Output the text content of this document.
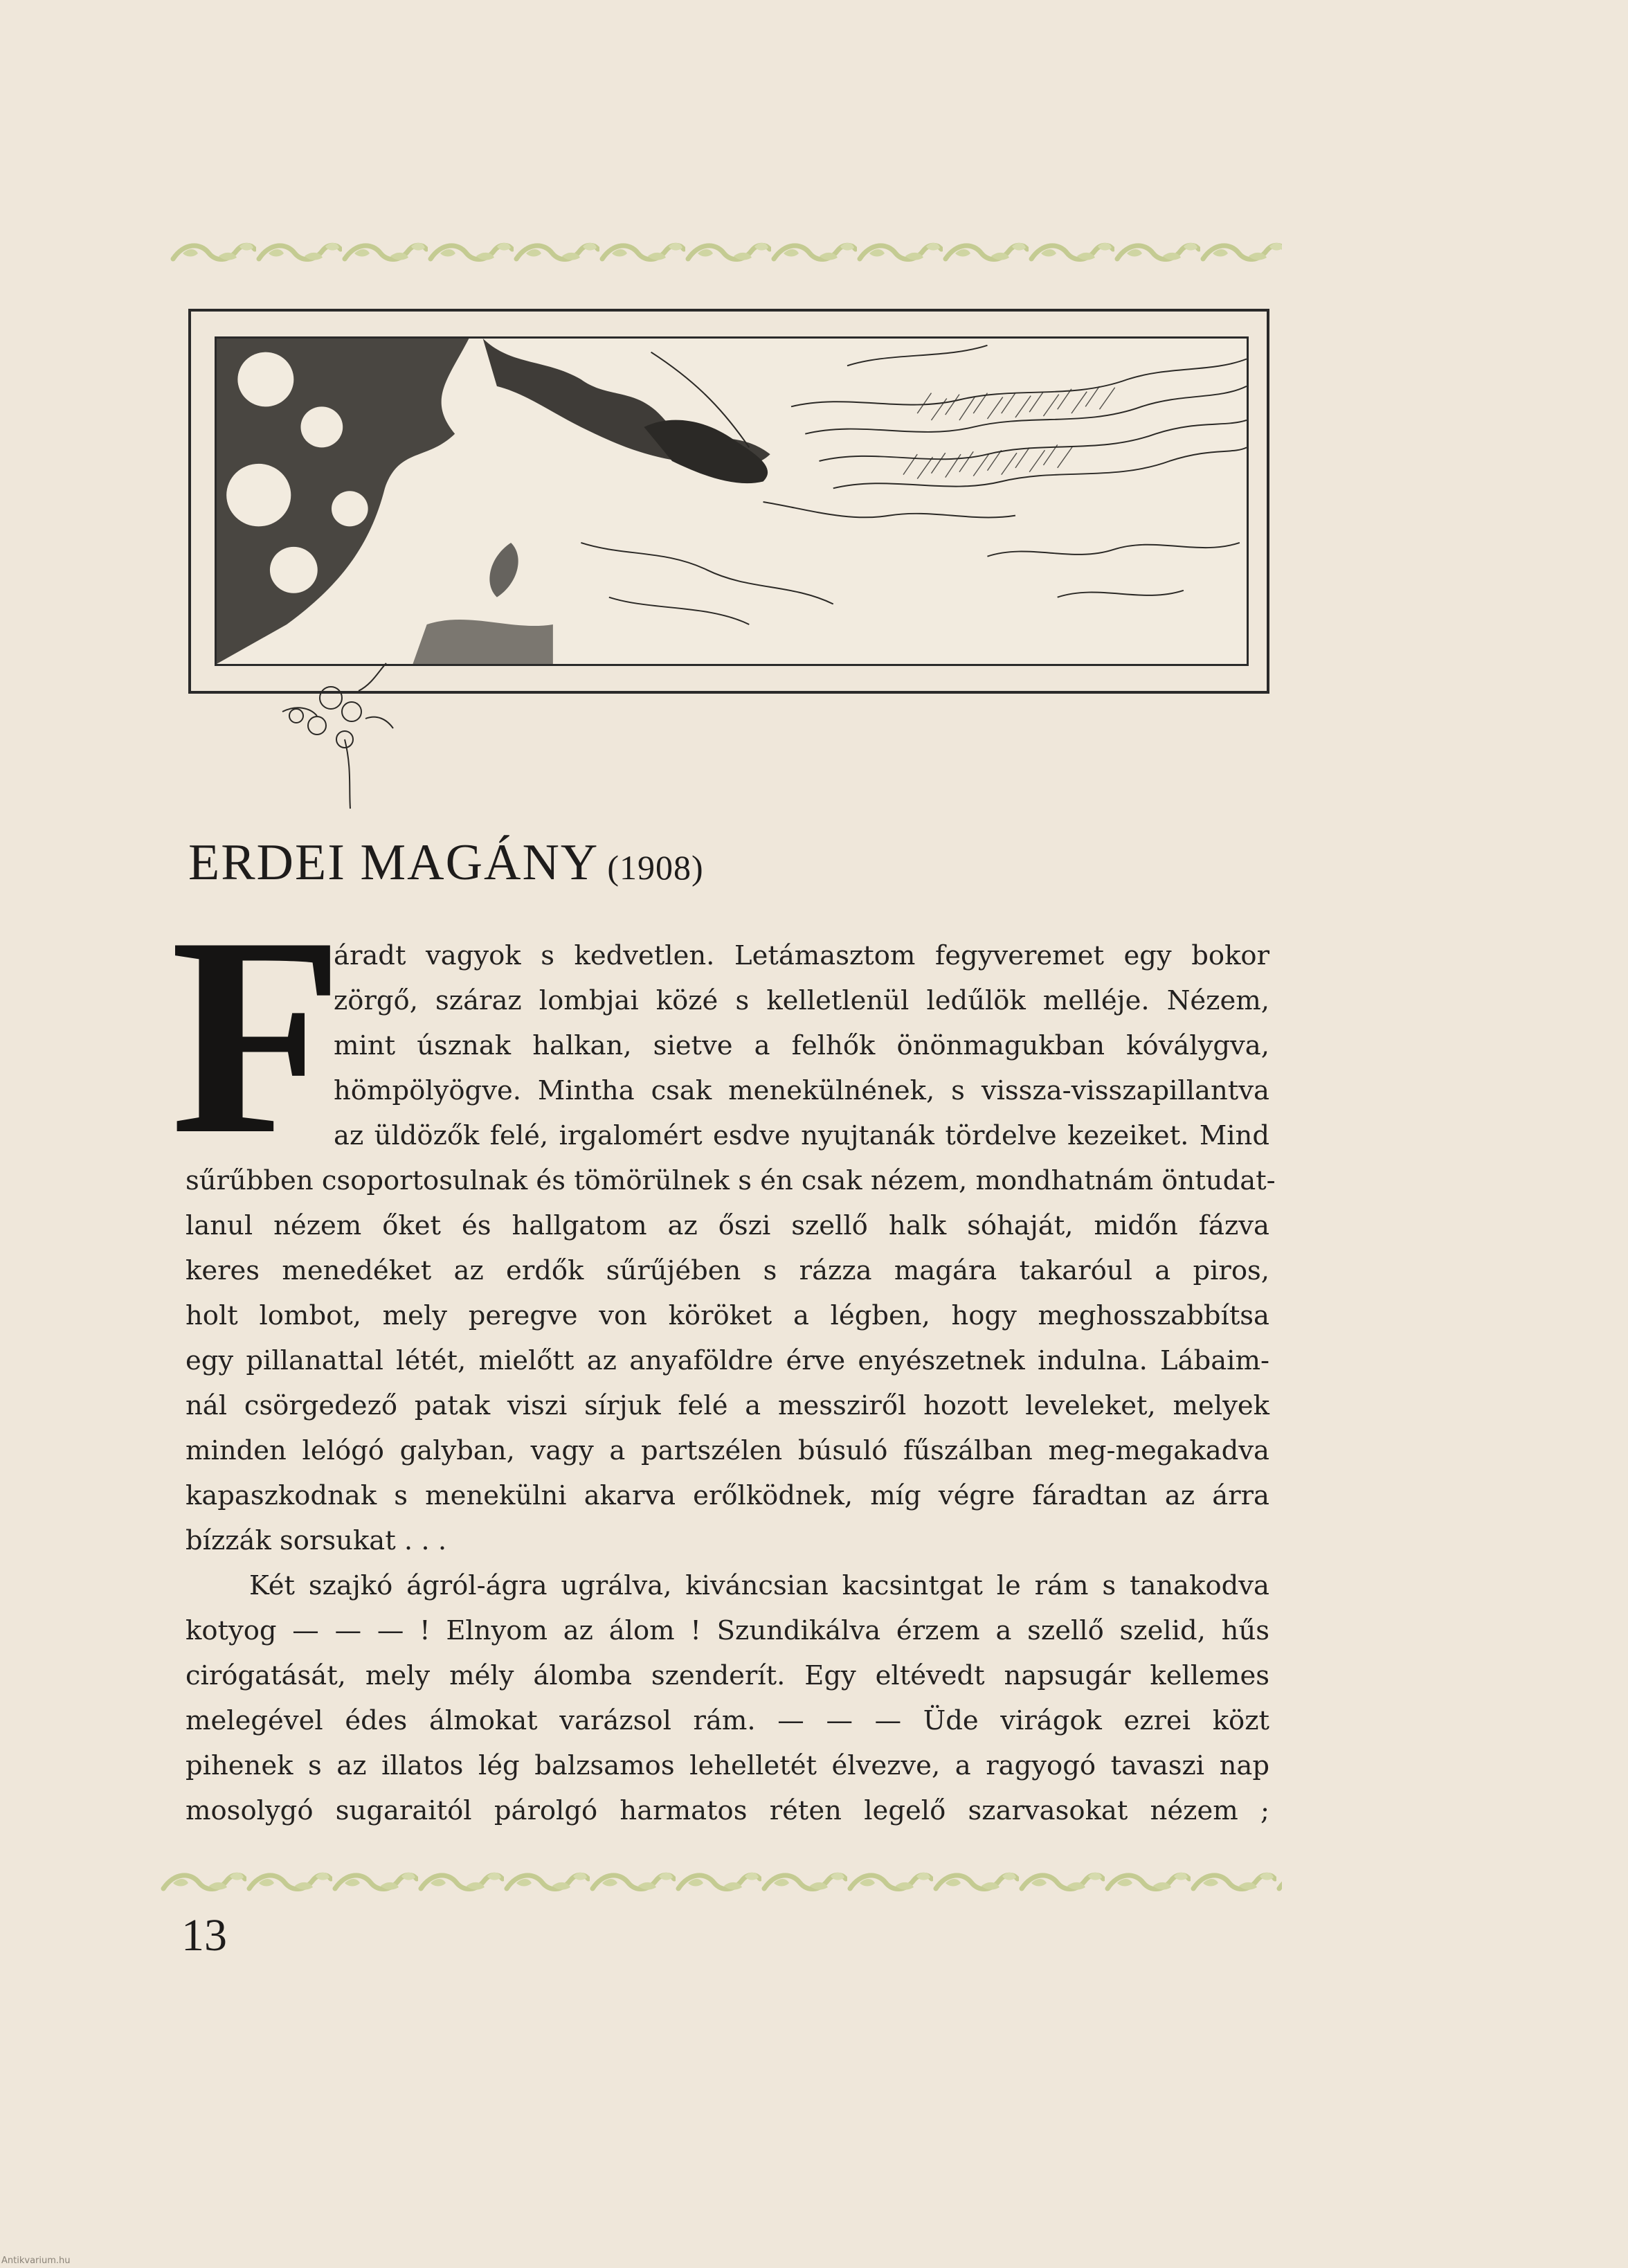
ERDEI MAGÁNY (1908)
F
áradt vagyok s kedvetlen. Letámasztom fegyveremet egy bokor
zörgő, száraz lombjai közé s kelletlenül ledűlök melléje. Nézem,
mint úsznak halkan, sietve a felhők önönmagukban kóválygva,
hömpölyögve. Mintha csak menekülnének, s vissza-visszapillantva
az üldözők felé, irgalomért esdve nyujtanák tördelve kezeiket. Mind
sűrűbben csoportosulnak és tömörülnek s én csak nézem, mondhatnám öntudat-
lanul nézem őket és hallgatom az őszi szellő halk sóhaját, midőn fázva
keres menedéket az erdők sűrűjében s rázza magára takaróul a piros,
holt lombot, mely peregve von köröket a légben, hogy meghosszabbítsa
egy pillanattal létét, mielőtt az anyaföldre érve enyészetnek indulna. Lábaim-
nál csörgedező patak viszi sírjuk felé a messziről hozott leveleket, melyek
minden lelógó galyban, vagy a partszélen búsuló fűszálban meg-megakadva
kapaszkodnak s menekülni akarva erőlködnek, míg végre fáradtan az árra
bízzák sorsukat . . .
Két szajkó ágról-ágra ugrálva, kiváncsian kacsintgat le rám s tanakodva
kotyog — — — ! Elnyom az álom ! Szundikálva érzem a szellő szelid, hűs
cirógatását, mely mély álomba szenderít. Egy eltévedt napsugár kellemes
melegével édes álmokat varázsol rám. — — — Üde virágok ezrei közt
pihenek s az illatos lég balzsamos lehelletét élvezve, a ragyogó tavaszi nap
mosolygó sugaraitól párolgó harmatos réten legelő szarvasokat nézem ;
13
Antikvarium.hu
